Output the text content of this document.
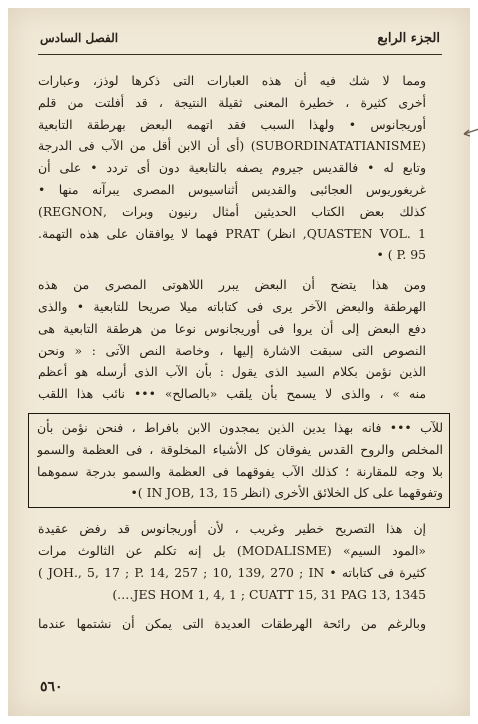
الجزء الرابع
الفصل السادس
ومما لا شك فيه أن هذه العبارات التى ذكرها لوذز، وعبارات
أخرى كثيرة ، خطيرة المعنى ثقيلة النتيجة ، قد أفلتت من قلم
أوريجانوس • ولهذا السبب فقد اتهمه البعض بهرطقة التابعية
(SUBORDINATATIANISME) (أى أن الابن أقل من الآب فى الدرجة
وتابع له • فالقديس جيروم يصفه بالتابعية دون أى تردد • على أن
غريغوريوس العجائبى والقديس أثناسيوس المصرى يبرآنه منها •
كذلك بعض الكتاب الحديثين أمثال رنيون وبرات ,REGNON)
QUASTEN VOL. 1, انظر) PRAT فهما لا يوافقان على هذه التهمة.
P. 95 ) •
ومن هذا يتضح أن البعض يبرر اللاهوتى المصرى من هذه
الهرطقة والبعض الآخر يرى فى كتاباته ميلا صريحا للتابعية • والذى
دفع البعض إلى أن يروا فى أوريجانوس نوعا من هرطقة التابعية هى
النصوص التى سبقت الاشارة إليها ، وخاصة النص الآتى : « ونحن
الذين نؤمن بكلام السيد الذى يقول : بأن الآب الذى أرسله هو أعظم
منه » ، والذى لا يسمح بأن يلقب «بالصالح» ••• نائب هذا اللقب
للآب ••• فانه بهذا يدين الذين يمجدون الابن بافراط ، فنحن نؤمن بأن
المخلص والروح القدس يفوقان كل الأشياء المخلوقة ، فى العظمة والسمو
بلا وجه للمقارنة ؛ كذلك الآب يفوقهما فى العظمة والسمو بدرجة سموهما
وتفوقهما على كل الخلائق الأخرى (انظر IN JOB, 13, 15 )•
إن هذا التصريح خطير وغريب ، لأن أوريجانوس قد رفض عقيدة
«المود السيم» (MODALISME) بل إنه تكلم عن الثالوث مرات
كثيرة فى كتاباته • JOH., 5, 17 ; P. 14, 257 ; 10, 139, 270 ; IN )
JES HOM 1, 4, 1 ; CUATT 15, 31 PAG 13, 1345….)
وبالرغم من رائحة الهرطقات العديدة التى يمكن أن نشتمها عندما
٥٦٠
